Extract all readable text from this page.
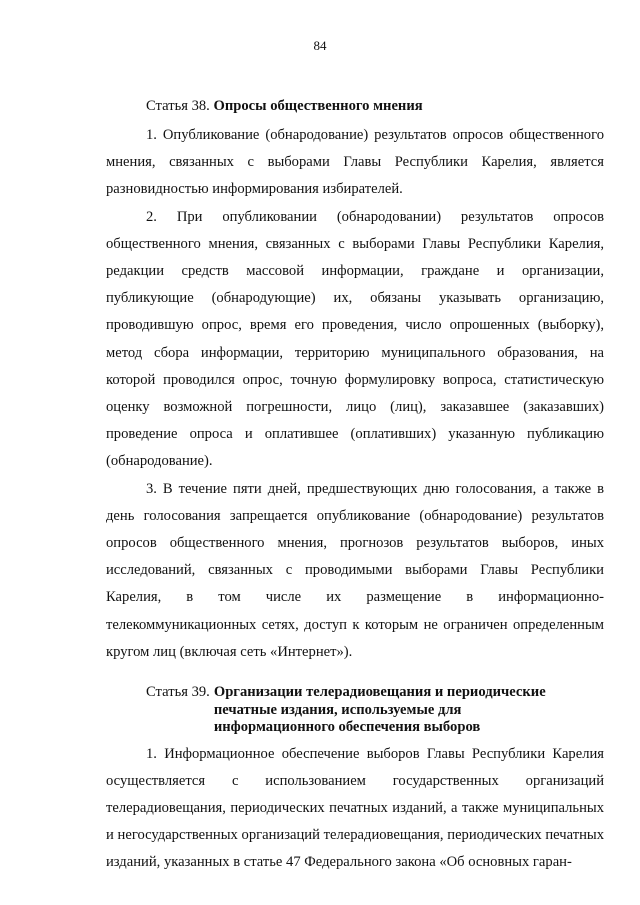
84
Статья 38. Опросы общественного мнения

1. Опубликование (обнародование) результатов опросов общественного мнения, связанных с выборами Главы Республики Карелия, является разновидностью информирования избирателей.

2. При опубликовании (обнародовании) результатов опросов общественного мнения, связанных с выборами Главы Республики Карелия, редакции средств массовой информации, граждане и организации, публикующие (обнародующие) их, обязаны указывать организацию, проводившую опрос, время его проведения, число опрошенных (выборку), метод сбора информации, территорию муниципального образования, на которой проводился опрос, точную формулировку вопроса, статистическую оценку возможной погрешности, лицо (лиц), заказавшее (заказавших) проведение опроса и оплатившее (оплативших) указанную публикацию (обнародование).

3. В течение пяти дней, предшествующих дню голосования, а также в день голосования запрещается опубликование (обнародование) результатов опросов общественного мнения, прогнозов результатов выборов, иных исследований, связанных с проводимыми выборами Главы Республики Карелия, в том числе их размещение в информационно-телекоммуникационных сетях, доступ к которым не ограничен определенным кругом лиц (включая сеть «Интернет»).

Статья 39. Организации телерадиовещания и периодические
печатные издания, используемые для
информационного обеспечения выборов

1. Информационное обеспечение выборов Главы Республики Карелия осуществляется с использованием государственных организаций телерадиовещания, периодических печатных изданий, а также муниципальных и негосударственных организаций телерадиовещания, периодических печатных изданий, указанных в статье 47 Федерального закона «Об основных гаран-
